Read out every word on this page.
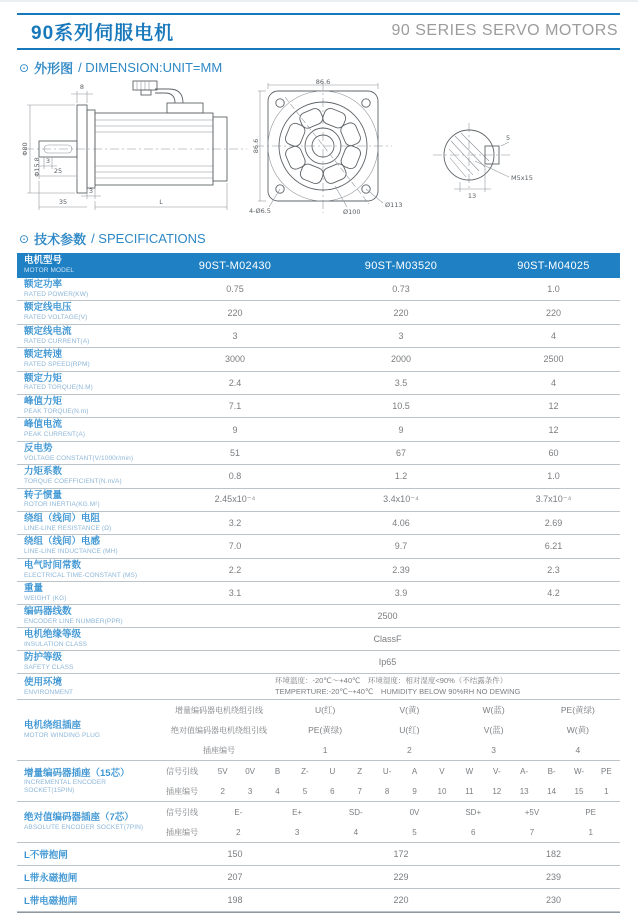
90系列伺服电机	90 SERIES SERVO MOTORS
⊙ 外形图 / DIMENSION:UNIT=MM
8
Φ80
Φ15.8 3
25
3
35	L
86.6
86.6
Ø113
Ø100
4-Ø6.5
5
13
M5x15
⊙ 技术参数 / SPECIFICATIONS
电机型号
MOTOR MODEL	90ST-M02430	90ST-M03520	90ST-M04025
额定功率
RATED POWER(KW)
0.75	0.73	1.0
额定线电压
RATED VOLTAGE(V)
220	220	220
额定线电流
RATED CURRENT(A)
3	3	4
额定转速
RATED SPEED(RPM)
3000	2000	2500
额定力矩
RATED TORQUE(N.M)
2.4	3.5	4
峰值力矩
PEAK TORQUE(N.m)
7.1	10.5	12
峰值电流
PEAK CURRENT(A)
9	9	12
反电势
VOLTAGE CONSTANT(V/1000r/min)
51	67	60
力矩系数
TORQUE COEFFICIENT(N.m/A)
0.8	1.2	1.0
转子惯量
ROTOR INERTIA(KG.M²)
2.45x10⁻⁴	3.4x10⁻⁴	3.7x10⁻⁴
绕组（线间）电阻
LINE-LINE RESISTANCE (Ω)
3.2	4.06	2.69
绕组（线间）电感
LINE-LINE INDUCTANCE (MH)
7.0	9.7	6.21
电气时间常数
ELECTRICAL TIME-CONSTANT (MS)
2.2	2.39	2.3
重量
WEIGHT (KG)
3.1	3.9	4.2
编码器线数
ENCODER LINE NUMBER(PPR)
2500
电机绝缘等级
INSULATION CLASS
ClassF
防护等级
SAFETY CLASS
Ip65
使用环境
ENVIRONMENT
环境温度：-20℃～+40℃　环境湿度：相对湿度<90%（不结露条件）
TEMPERTURE:-20℃~+40℃　HUMIDITY BELOW 90%RH NO DEWING
电机绕组插座
MOTOR WINDING PLUG
增量编码器电机绕组引线	U(红)	V(黄)	W(蓝)	PE(黄绿)
绝对值编码器电机绕组引线	PE(黄绿)	U(红)	V(蓝)	W(黄)
插座编号	1	2	3	4
增量编码器插座（15芯）
INCREMENTAL ENCODER SOCKET(15PIN)
信号引线	5V	0V	B	Z-	U	Z	U-	A	V	W	V-	A-	B-	W-	PE
插座编号	2	3	4	5	6	7	8	9	10	11	12	13	14	15	1
绝对值编码器插座（7芯）
ABSOLUTE ENCODER SOCKET(7PIN)
信号引线	E-	E+	SD-	0V	SD+	+5V	PE
插座编号	2	3	4	5	6	7	1
L不带抱闸	150	172	182
L带永磁抱闸	207	229	239
L带电磁抱闸	198	220	230
